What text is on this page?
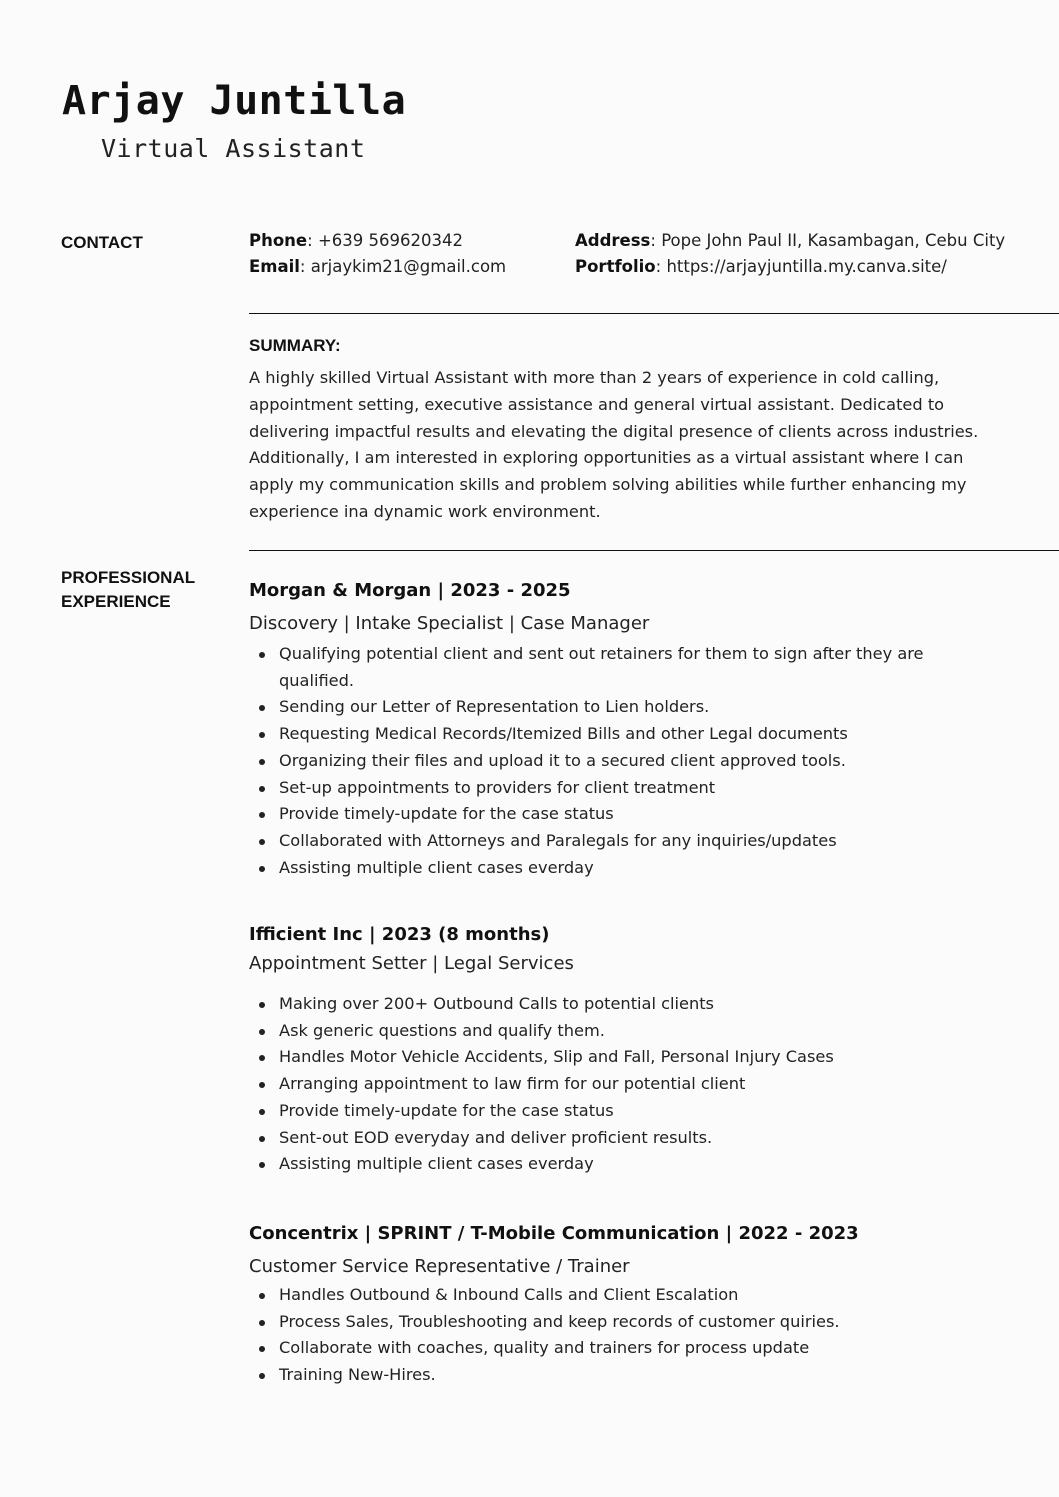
Arjay Juntilla
Virtual Assistant
CONTACT	Phone: +639 569620342
Email: arjaykim21@gmail.com
Address: Pope John Paul II, Kasambagan, Cebu City
Portfolio: https://arjayjuntilla.my.canva.site/
SUMMARY:
A highly skilled Virtual Assistant with more than 2 years of experience in cold calling, appointment setting, executive assistance and general virtual assistant. Dedicated to delivering impactful results and elevating the digital presence of clients across industries. Additionally, I am interested in exploring opportunities as a virtual assistant where I can apply my communication skills and problem solving abilities while further enhancing my experience ina dynamic work environment.
PROFESSIONAL EXPERIENCE
Morgan & Morgan | 2023 - 2025
Discovery | Intake Specialist | Case Manager
Qualifying potential client and sent out retainers for them to sign after they are qualified.
Sending our Letter of Representation to Lien holders.
Requesting Medical Records/Itemized Bills and other Legal documents
Organizing their files and upload it to a secured client approved tools.
Set-up appointments to providers for client treatment
Provide timely-update for the case status
Collaborated with Attorneys and Paralegals for any inquiries/updates
Assisting multiple client cases everday
Ifficient Inc | 2023 (8 months)
Appointment Setter | Legal Services
Making over 200+ Outbound Calls to potential clients
Ask generic questions and qualify them.
Handles Motor Vehicle Accidents, Slip and Fall, Personal Injury Cases
Arranging appointment to law firm for our potential client
Provide timely-update for the case status
Sent-out EOD everyday and deliver proficient results.
Assisting multiple client cases everday
Concentrix | SPRINT / T-Mobile Communication | 2022 - 2023
Customer Service Representative / Trainer
Handles Outbound & Inbound Calls and Client Escalation
Process Sales, Troubleshooting and keep records of customer quiries.
Collaborate with coaches, quality and trainers for process update
Training New-Hires.
